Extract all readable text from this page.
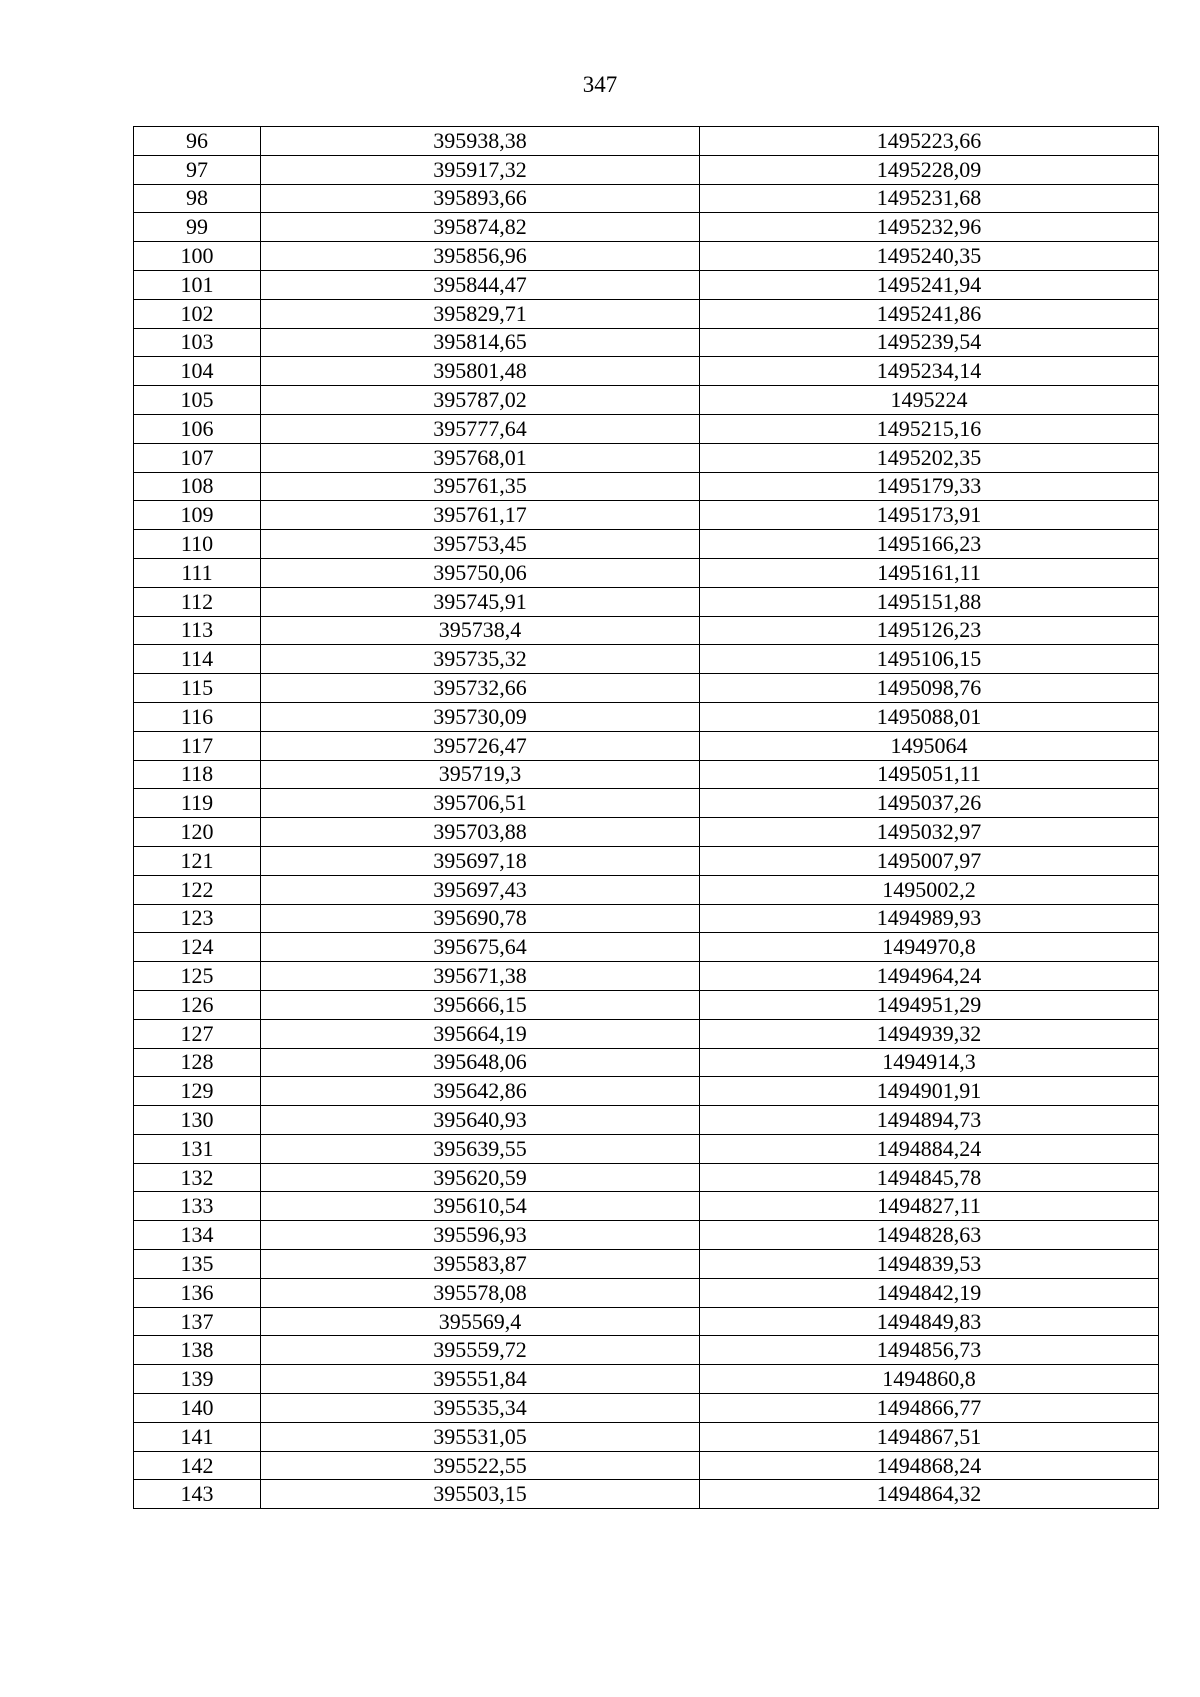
347
96	395938,38	1495223,66
97	395917,32	1495228,09
98	395893,66	1495231,68
99	395874,82	1495232,96
100	395856,96	1495240,35
101	395844,47	1495241,94
102	395829,71	1495241,86
103	395814,65	1495239,54
104	395801,48	1495234,14
105	395787,02	1495224
106	395777,64	1495215,16
107	395768,01	1495202,35
108	395761,35	1495179,33
109	395761,17	1495173,91
110	395753,45	1495166,23
111	395750,06	1495161,11
112	395745,91	1495151,88
113	395738,4	1495126,23
114	395735,32	1495106,15
115	395732,66	1495098,76
116	395730,09	1495088,01
117	395726,47	1495064
118	395719,3	1495051,11
119	395706,51	1495037,26
120	395703,88	1495032,97
121	395697,18	1495007,97
122	395697,43	1495002,2
123	395690,78	1494989,93
124	395675,64	1494970,8
125	395671,38	1494964,24
126	395666,15	1494951,29
127	395664,19	1494939,32
128	395648,06	1494914,3
129	395642,86	1494901,91
130	395640,93	1494894,73
131	395639,55	1494884,24
132	395620,59	1494845,78
133	395610,54	1494827,11
134	395596,93	1494828,63
135	395583,87	1494839,53
136	395578,08	1494842,19
137	395569,4	1494849,83
138	395559,72	1494856,73
139	395551,84	1494860,8
140	395535,34	1494866,77
141	395531,05	1494867,51
142	395522,55	1494868,24
143	395503,15	1494864,32
